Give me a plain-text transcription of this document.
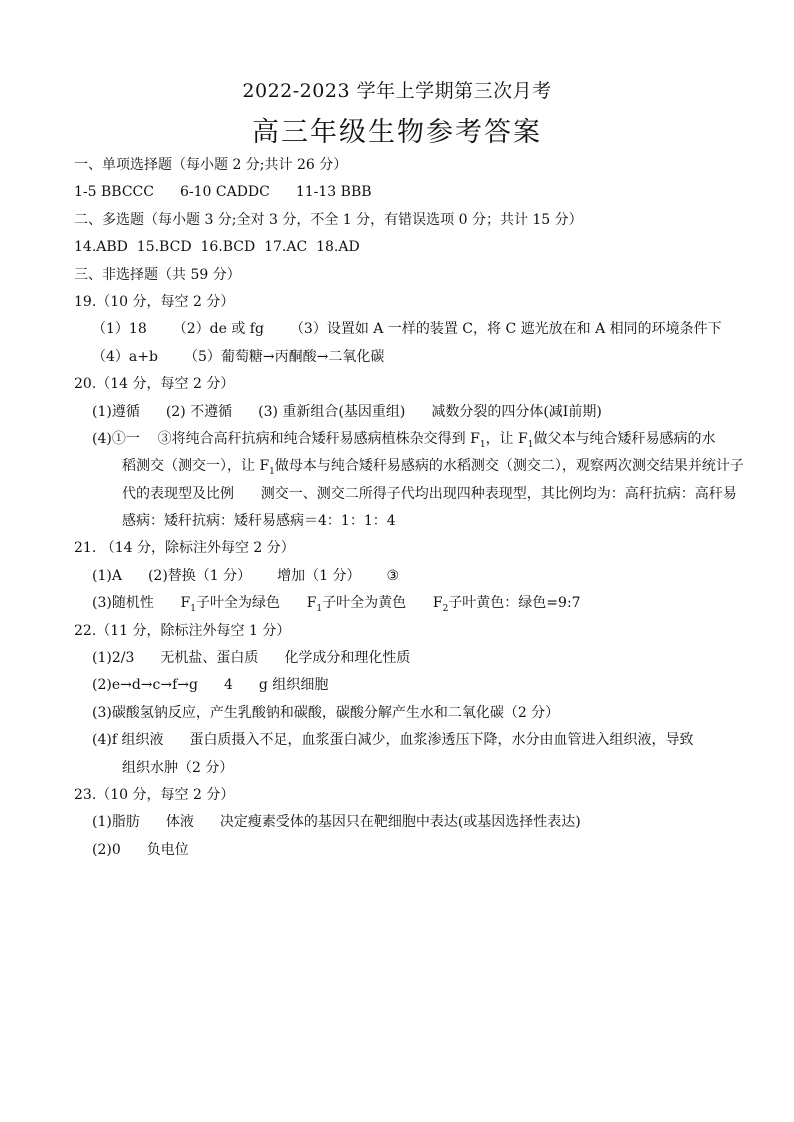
2022-2023 学年上学期第三次月考
高三年级生物参考答案
一、单项选择题（每小题 2 分;共计 26 分）
1-5 BBCCC 6-10 CADDC 11-13 BBB
二、多选题（每小题 3 分;全对 3 分，不全 1 分，有错误选项 0 分；共计 15 分）
14.ABD 15.BCD 16.BCD 17.AC 18.AD
三、非选择题（共 59 分）
19.（10 分，每空 2 分）
（1）18 （2）de 或 fg （3）设置如 A 一样的装置 C，将 C 遮光放在和 A 相同的环境条件下
（4）a+b （5）葡萄糖→丙酮酸→二氧化碳
20.（14 分，每空 2 分）
(1)遵循 (2) 不遵循 (3) 重新组合(基因重组) 减数分裂的四分体(减Ⅰ前期)
(4)①一 ③将纯合高秆抗病和纯合矮秆易感病植株杂交得到 $F_1$，让 $F_1$做父本与纯合矮秆易感病的水
稻测交（测交一），让 $F_1$做母本与纯合矮秆易感病的水稻测交（测交二），观察两次测交结果并统计子
代的表现型及比例 测交一、测交二所得子代均出现四种表现型，其比例均为：高秆抗病：高秆易
感病：矮秆抗病：矮秆易感病＝4：1：1：4
21. （14 分，除标注外每空 2 分）
(1)A (2)替换（1 分） 增加（1 分） ③
(3)随机性 $F_1$子叶全为绿色 $F_1$子叶全为黄色 $F_2$子叶黄色：绿色=9:7
22.（11 分，除标注外每空 1 分）
(1)2/3 无机盐、蛋白质 化学成分和理化性质
(2)e→d→c→f→g 4 g 组织细胞
(3)碳酸氢钠反应，产生乳酸钠和碳酸，碳酸分解产生水和二氧化碳（2 分）
(4)f 组织液 蛋白质摄入不足，血浆蛋白减少，血浆渗透压下降，水分由血管进入组织液，导致
组织水肿（2 分）
23.（10 分，每空 2 分）
(1)脂肪 体液 决定瘦素受体的基因只在靶细胞中表达(或基因选择性表达)
(2)0 负电位
